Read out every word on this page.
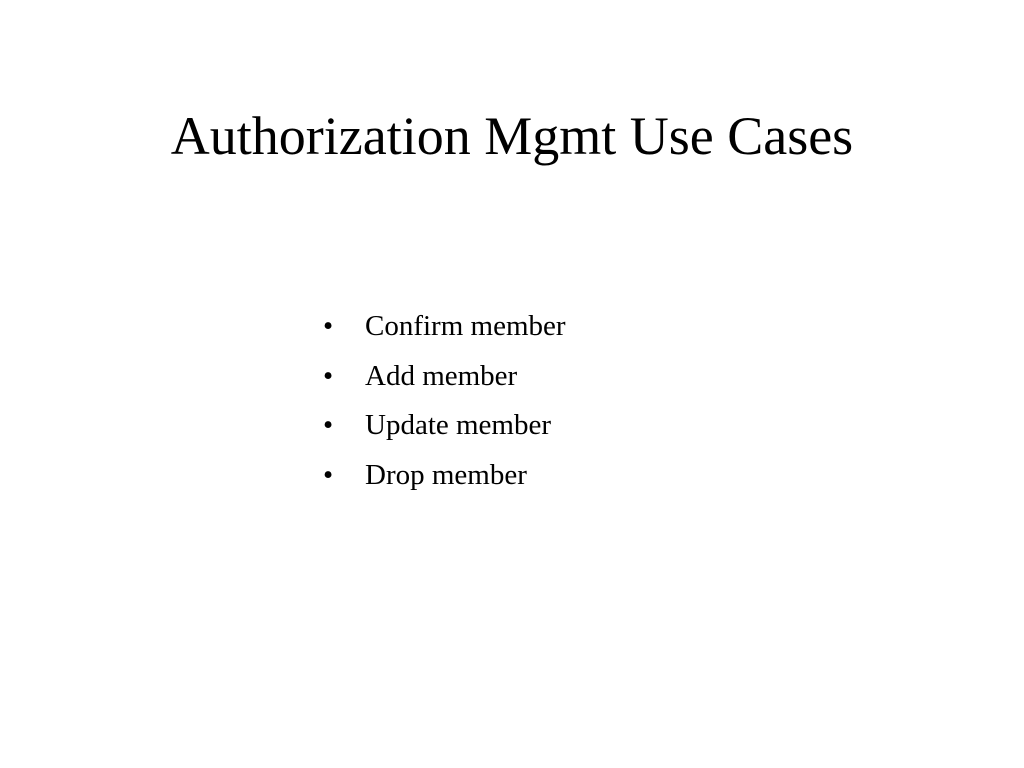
Authorization Mgmt Use Cases
•	Confirm member
•	Add member
•	Update member
•	Drop member
